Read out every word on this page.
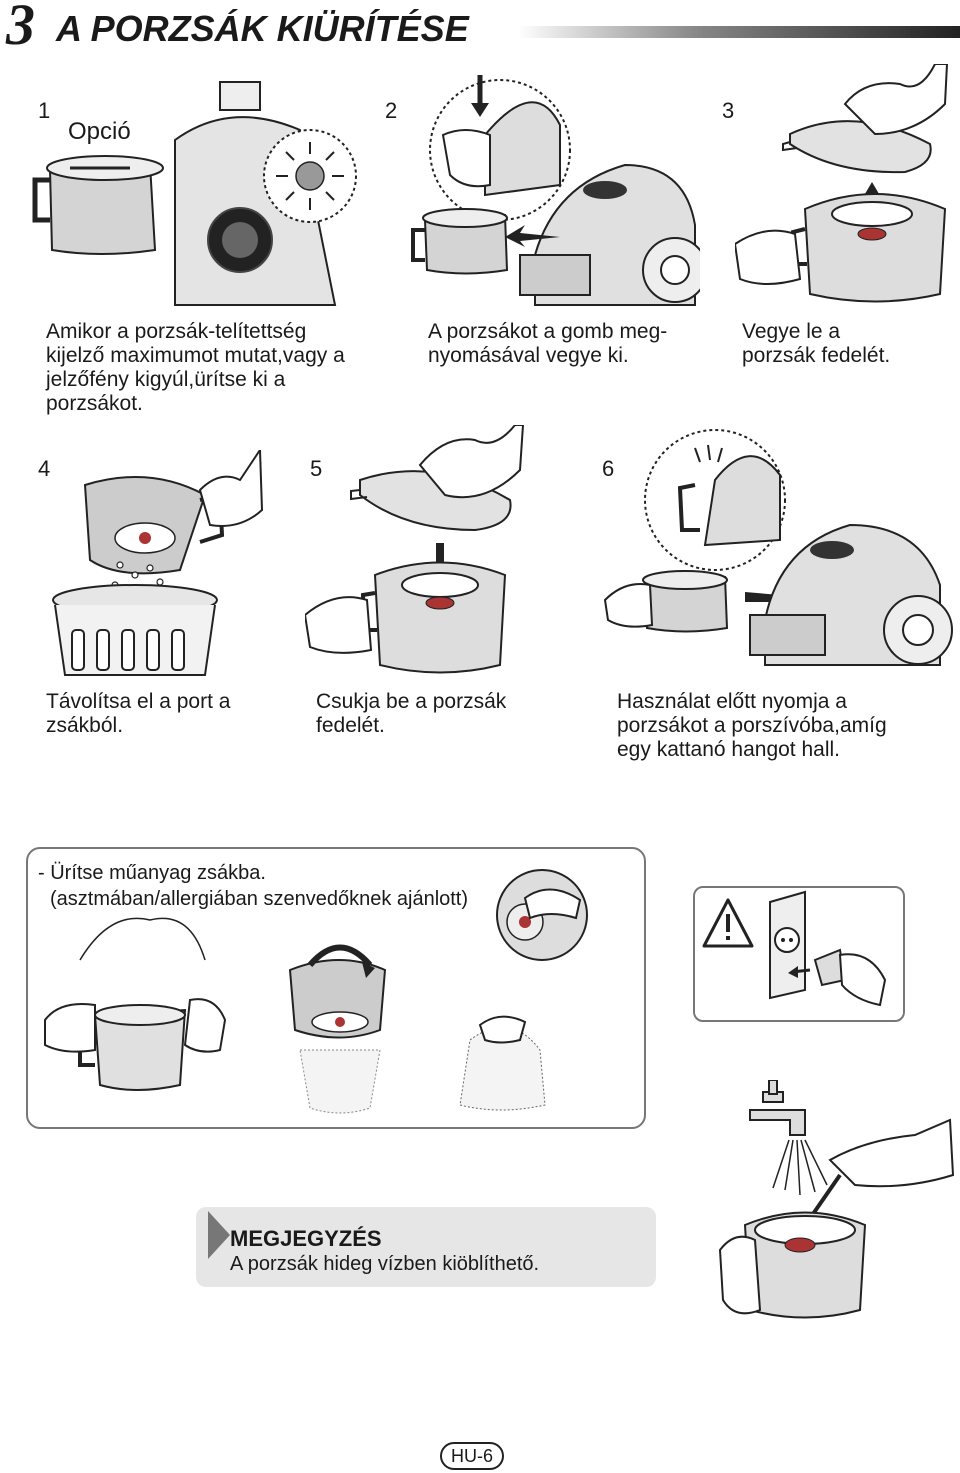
3 A PORZSÁK KIÜRÍTÉSE
1
Opció
Amikor a porzsák-telítettség
kijelző maximumot mutat,vagy a
jelzőfény kigyúl,ürítse ki a
porzsákot.
2
A porzsákot a gomb meg-
nyomásával vegye ki.
3
Vegye le a
porzsák fedelét.
4
Távolítsa el a port a
zsákból.
5
Csukja be a porzsák
fedelét.
6
Használat előtt nyomja a
porzsákot a porszívóba,amíg
egy kattanó hangot hall.
- Ürítse műanyag zsákba.
(asztmában/allergiában szenvedőknek ajánlott)
MEGJEGYZÉS
A porzsák hideg vízben kiöblíthető.
HU-6
